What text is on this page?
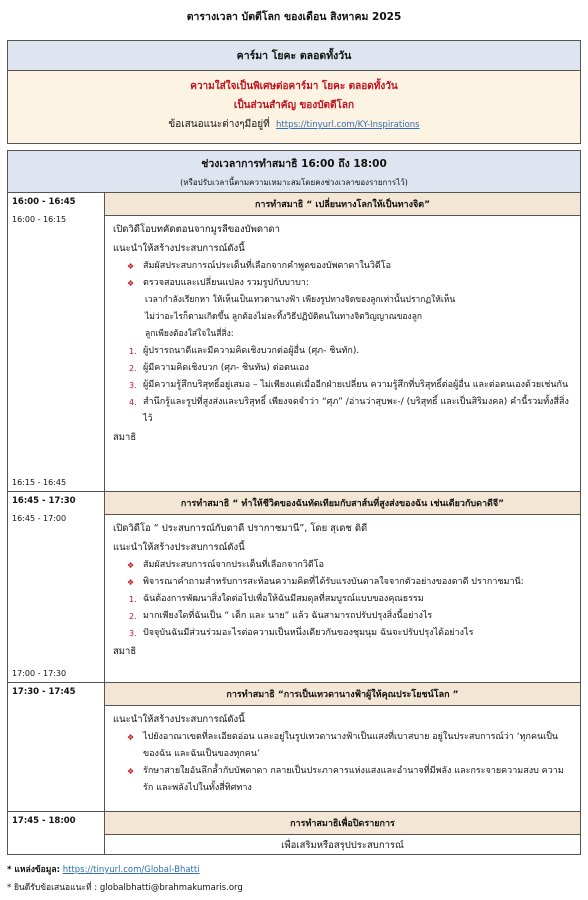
ตารางเวลา บัตตีโลก ของเดือน สิงหาคม 2025
คาร์มา โยคะ ตลอดทั้งวัน
ความใส่ใจเป็นพิเศษต่อคาร์มา โยคะ ตลอดทั้งวัน
เป็นส่วนสำคัญ ของบัตตีโลก
ข้อเสนอแนะต่างๆมีอยู่ที่ https://tinyurl.com/KY-Inspirations
ช่วงเวลาการทำสมาธิ 16:00 ถึง 18:00
(หรือปรับเวลานี้ตามความเหมาะสมโดยคงช่วงเวลาของรายการไว้)
16:00 - 16:45
16:00 - 16:15
16:15 - 16:45
การทำสมาธิ “ เปลี่ยนทางโลกให้เป็นทางจิต”
เปิดวิดีโอบทคัดตอนจากมูรลีของบัพดาดา
แนะนำให้สร้างประสบการณ์ดังนี้
❖ สัมผัสประสบการณ์ประเด็นที่เลือกจากคำพูดของบัพดาดาในวิดีโอ
❖ ตรวจสอบและเปลี่ยนแปลง รวมรูปกับบาบา:
เวลากำลังเรียกหา ให้เห็นเป็นเทวดานางฟ้า เพียงรูปทางจิตของลูกเท่านั้นปรากฏให้เห็น
ไม่ว่าอะไรก็ตามเกิดขึ้น ลูกต้องไม่ละทิ้งวิธีปฏิบัติตนในทางจิตวิญญาณของลูก
ลูกเพียงต้องใส่ใจในสี่สิ่ง:
1. ผู้ปรารถนาดีและมีความคิดเชิงบวกต่อผู้อื่น (ศุภ- ชินทัก).
2. ผู้มีความคิดเชิงบวก (ศุภ- ชินทัน) ต่อตนเอง
3. ผู้มีความรู้สึกบริสุทธิ์อยู่เสมอ – ไม่เพียงแต่เมื่ออีกฝ่ายเปลี่ยน ความรู้สึกที่บริสุทธิ์ต่อผู้อื่น และต่อตนเองด้วยเช่นกัน
4. สำนึกรู้และรูปที่สูงส่งและบริสุทธิ์ เพียงจดจำว่า “ศุภ” /อ่านว่าสุบพะ-/ (บริสุทธิ์ และเป็นสิริมงคล) คำนี้รวมทั้งสี่สิ่งไว้
สมาธิ
16:45 - 17:30
16:45 - 17:00
17:00 - 17:30
การทำสมาธิ “ ทำให้ชีวิตของฉันทัดเทียมกับสาส์นที่สูงส่งของฉัน เช่นเดียวกับดาดีจี”
เปิดวิดีโอ “ ประสบการณ์กับดาดี ปรากาชมานี”, โดย สุเดช ดิดี
แนะนำให้สร้างประสบการณ์ดังนี้
❖ สัมผัสประสบการณ์จากประเด็นที่เลือกจากวิดีโอ
❖ พิจารณาคำถามสำหรับการสะท้อนความคิดที่ได้รับแรงบันดาลใจจากตัวอย่างของดาดี ปรากาชมานี:
1. ฉันต้องการพัฒนาสิ่งใดต่อไปเพื่อให้ฉันมีสมดุลที่สมบูรณ์แบบของคุณธรรม
2. มากเพียงใดที่ฉันเป็น “ เด็ก และ นาย” แล้ว ฉันสามารถปรับปรุงสิ่งนี้อย่างไร
3. ปัจจุบันฉันมีส่วนร่วมอะไรต่อความเป็นหนึ่งเดียวกันของชุมนุม ฉันจะปรับปรุงได้อย่างไร
สมาธิ
17:30 - 17:45	การทำสมาธิ “การเป็นเทวดานางฟ้าผู้ให้คุณประโยชน์โลก ”
แนะนำให้สร้างประสบการณ์ดังนี้
❖ ไปยังอาณาเขตที่ละเอียดอ่อน และอยู่ในรูปเทวดานางฟ้าเป็นแสงที่เบาสบาย อยู่ในประสบการณ์ว่า ‘ทุกคนเป็นของฉัน และฉันเป็นของทุกคน’
❖ รักษาสายใยอันลึกล้ำกับบัพดาดา กลายเป็นประภาคารแห่งแสงและอำนาจที่มีพลัง และกระจายความสงบ ความรัก และพลังไปในทั้งสี่ทิศทาง
17:45 - 18:00	การทำสมาธิเพื่อปิดรายการ
เพื่อเสริมหรือสรุปประสบการณ์
* แหล่งข้อมูล: https://tinyurl.com/Global-Bhatti
* ยินดีรับข้อเสนอแนะที่ : globalbhatti@brahmakumaris.org
